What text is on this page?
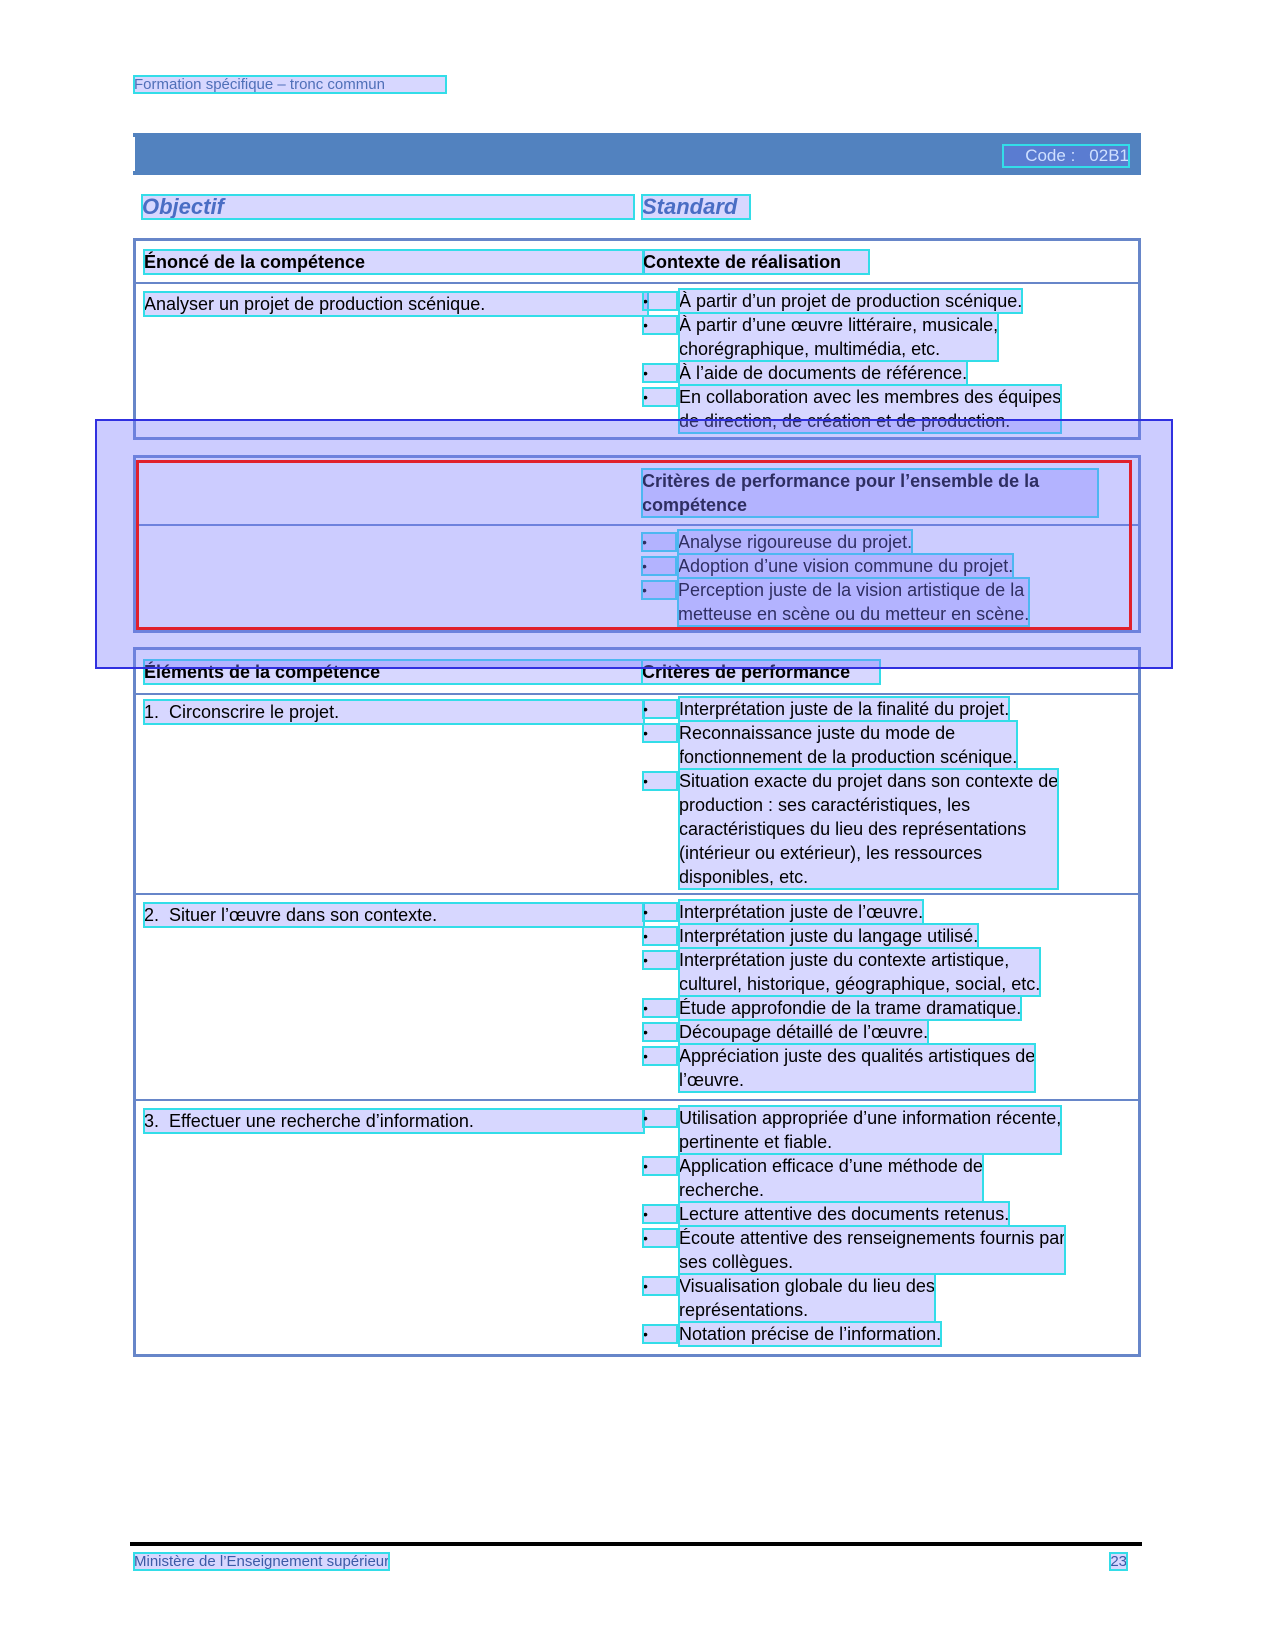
Formation spécifique – tronc commun
Code : 02B1
Objectif	Standard
Énoncé de la compétence	Contexte de réalisation
Analyser un projet de production scénique.	•	À partir d’un projet de production scénique.
•	À partir d’une œuvre littéraire, musicale,
chorégraphique, multimédia, etc.
•	À l’aide de documents de référence.
•	En collaboration avec les membres des équipes
de direction, de création et de production.
Critères de performance pour l’ensemble de la
compétence
•	Analyse rigoureuse du projet.
•	Adoption d’une vision commune du projet.
•	Perception juste de la vision artistique de la
metteuse en scène ou du metteur en scène.
Éléments de la compétence	Critères de performance
1.  Circonscrire le projet.	•	Interprétation juste de la finalité du projet.
•	Reconnaissance juste du mode de
fonctionnement de la production scénique.
•	Situation exacte du projet dans son contexte de
production : ses caractéristiques, les
caractéristiques du lieu des représentations
(intérieur ou extérieur), les ressources
disponibles, etc.
2.  Situer l’œuvre dans son contexte.	•	Interprétation juste de l’œuvre.
•	Interprétation juste du langage utilisé.
•	Interprétation juste du contexte artistique,
culturel, historique, géographique, social, etc.
•	Étude approfondie de la trame dramatique.
•	Découpage détaillé de l’œuvre.
•	Appréciation juste des qualités artistiques de
l’œuvre.
3.  Effectuer une recherche d’information.	•	Utilisation appropriée d’une information récente,
pertinente et fiable.
•	Application efficace d’une méthode de
recherche.
•	Lecture attentive des documents retenus.
•	Écoute attentive des renseignements fournis par
ses collègues.
•	Visualisation globale du lieu des
représentations.
•	Notation précise de l’information.
Ministère de l’Enseignement supérieur	23
